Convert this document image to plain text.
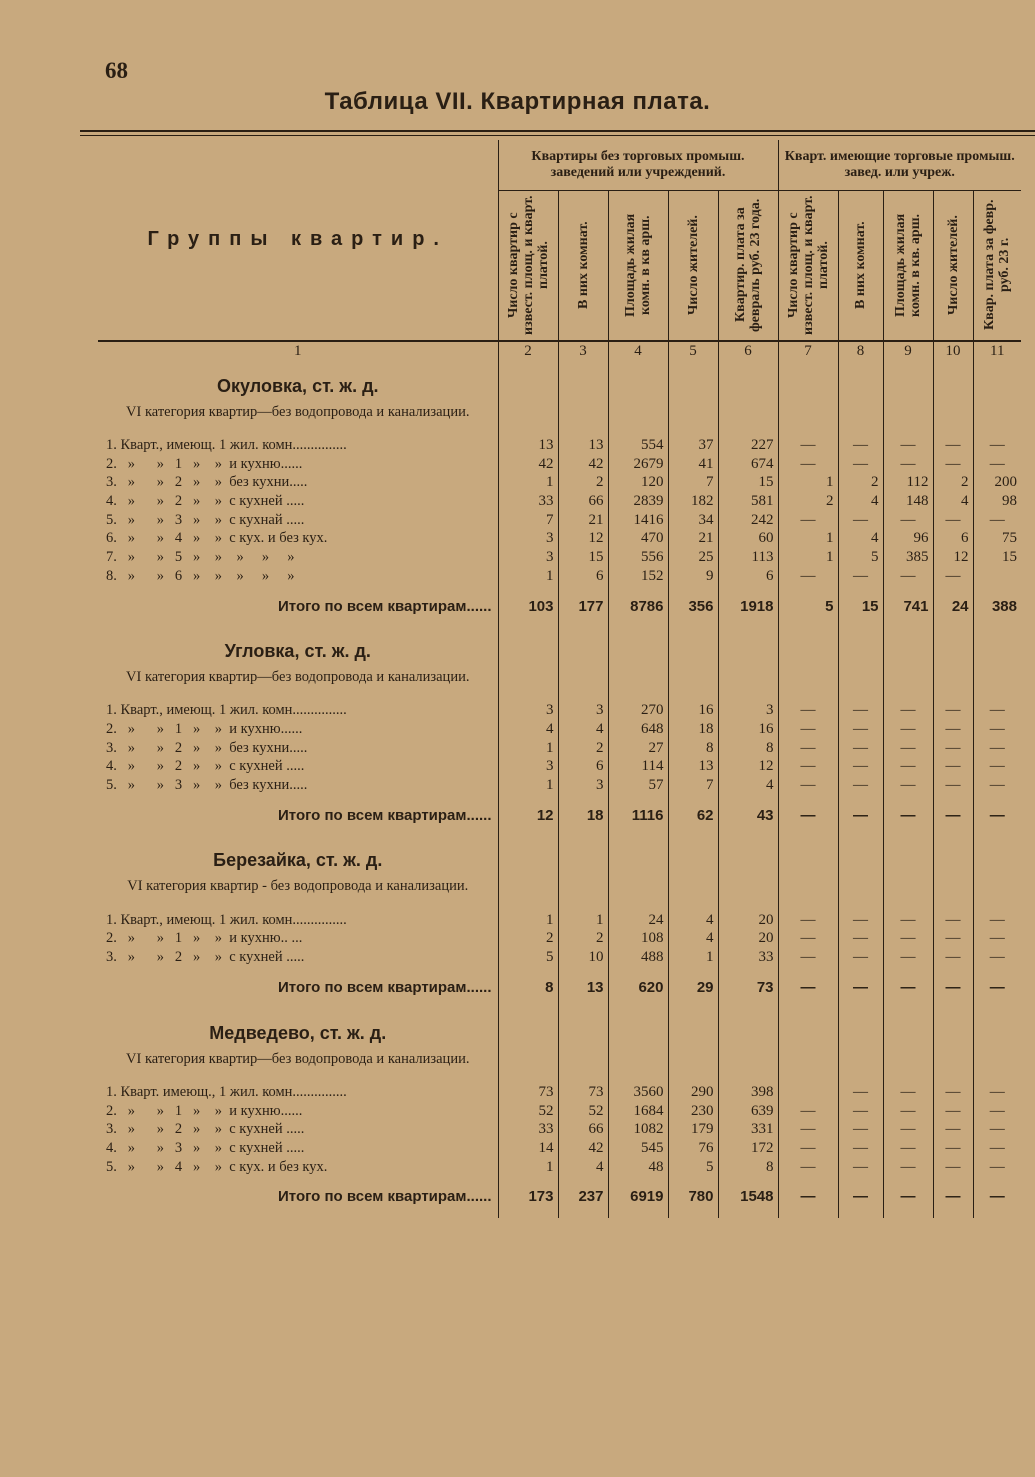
68
Таблица VII. Квартирная плата.
Группы квартир.	Квартиры без торговых промыш. заведений или учреждений.					Кварт. имеющие торговые промыш. завед. или учреж.				

	Число квартир с извест. площ. и кварт. платой.	В них комнат.	Площадь жилая комн. в кв арш.	Число жителей.	Квартир. плата за февраль руб. 23 года.	Число квартир с извест. площ. и кварт. платой.	В них комнат.	Площадь жилая комн. в кв. арш.	Число жителей.	Квар. плата за февр. руб. 23 г.

1	2	3	4	5	6	7	8	9	10	11
Окуловка, ст. ж. д.										
VI категория квартир—без водопровода и канализации.										
1. Кварт., имеющ. 1 жил. комн...............	13	13	554	37	227	—	—	—	—	—
2.   »      »   1   »    »  и кухню......	42	42	2679	41	674	—	—	—	—	—
3.   »      »   2   »    »  без кухни.....	1	2	120	7	15	1	2	112	2	200
4.   »      »   2   »    »  с кухней .....	33	66	2839	182	581	2	4	148	4	98
5.   »      »   3   »    »  с кухнай .....	7	21	1416	34	242	—	—	—	—	—
6.   »      »   4   »    »  с кух. и без кух.	3	12	470	21	60	1	4	96	6	75
7.   »      »   5   »    »    »     »     »	3	15	556	25	113	1	5	385	12	15
8.   »      »   6   »    »    »     »     »	1	6	152	9	6	—	—	—	—	
Итого по всем квартирам......	103	177	8786	356	1918	5	15	741	24	388
Угловка, ст. ж. д.										
VI категория квартир—без водопровода и канализации.										
1. Кварт., имеющ. 1 жил. комн...............	3	3	270	16	3	—	—	—	—	—
2.   »      »   1   »    »  и кухню......	4	4	648	18	16	—	—	—	—	—
3.   »      »   2   »    »  без кухни.....	1	2	27	8	8	—	—	—	—	—
4.   »      »   2   »    »  с кухней .....	3	6	114	13	12	—	—	—	—	—
5.   »      »   3   »    »  без кухни.....	1	3	57	7	4	—	—	—	—	—
Итого по всем квартирам......	12	18	1116	62	43	—	—	—	—	—
Березайка, ст. ж. д.										
VI категория квартир - без водопровода и канализации.										
1. Кварт., имеющ. 1 жил. комн...............	1	1	24	4	20	—	—	—	—	—
2.   »      »   1   »    »  и кухню.. ...	2	2	108	4	20	—	—	—	—	—
3.   »      »   2   »    »  с кухней .....	5	10	488	1	33	—	—	—	—	—
Итого по всем квартирам......	8	13	620	29	73	—	—	—	—	—
Медведево, ст. ж. д.										
VI категория квартир—без водопровода и канализации.										
1. Кварт. имеющ., 1 жил. комн...............	73	73	3560	290	398		—	—	—	—
2.   »      »   1   »    »  и кухню......	52	52	1684	230	639	—	—	—	—	—
3.   »      »   2   »    »  с кухней .....	33	66	1082	179	331	—	—	—	—	—
4.   »      »   3   »    »  с кухней .....	14	42	545	76	172	—	—	—	—	—
5.   »      »   4   »    »  с кух. и без кух.	1	4	48	5	8	—	—	—	—	—
Итого по всем квартирам......	173	237	6919	780	1548	—	—	—	—	—
